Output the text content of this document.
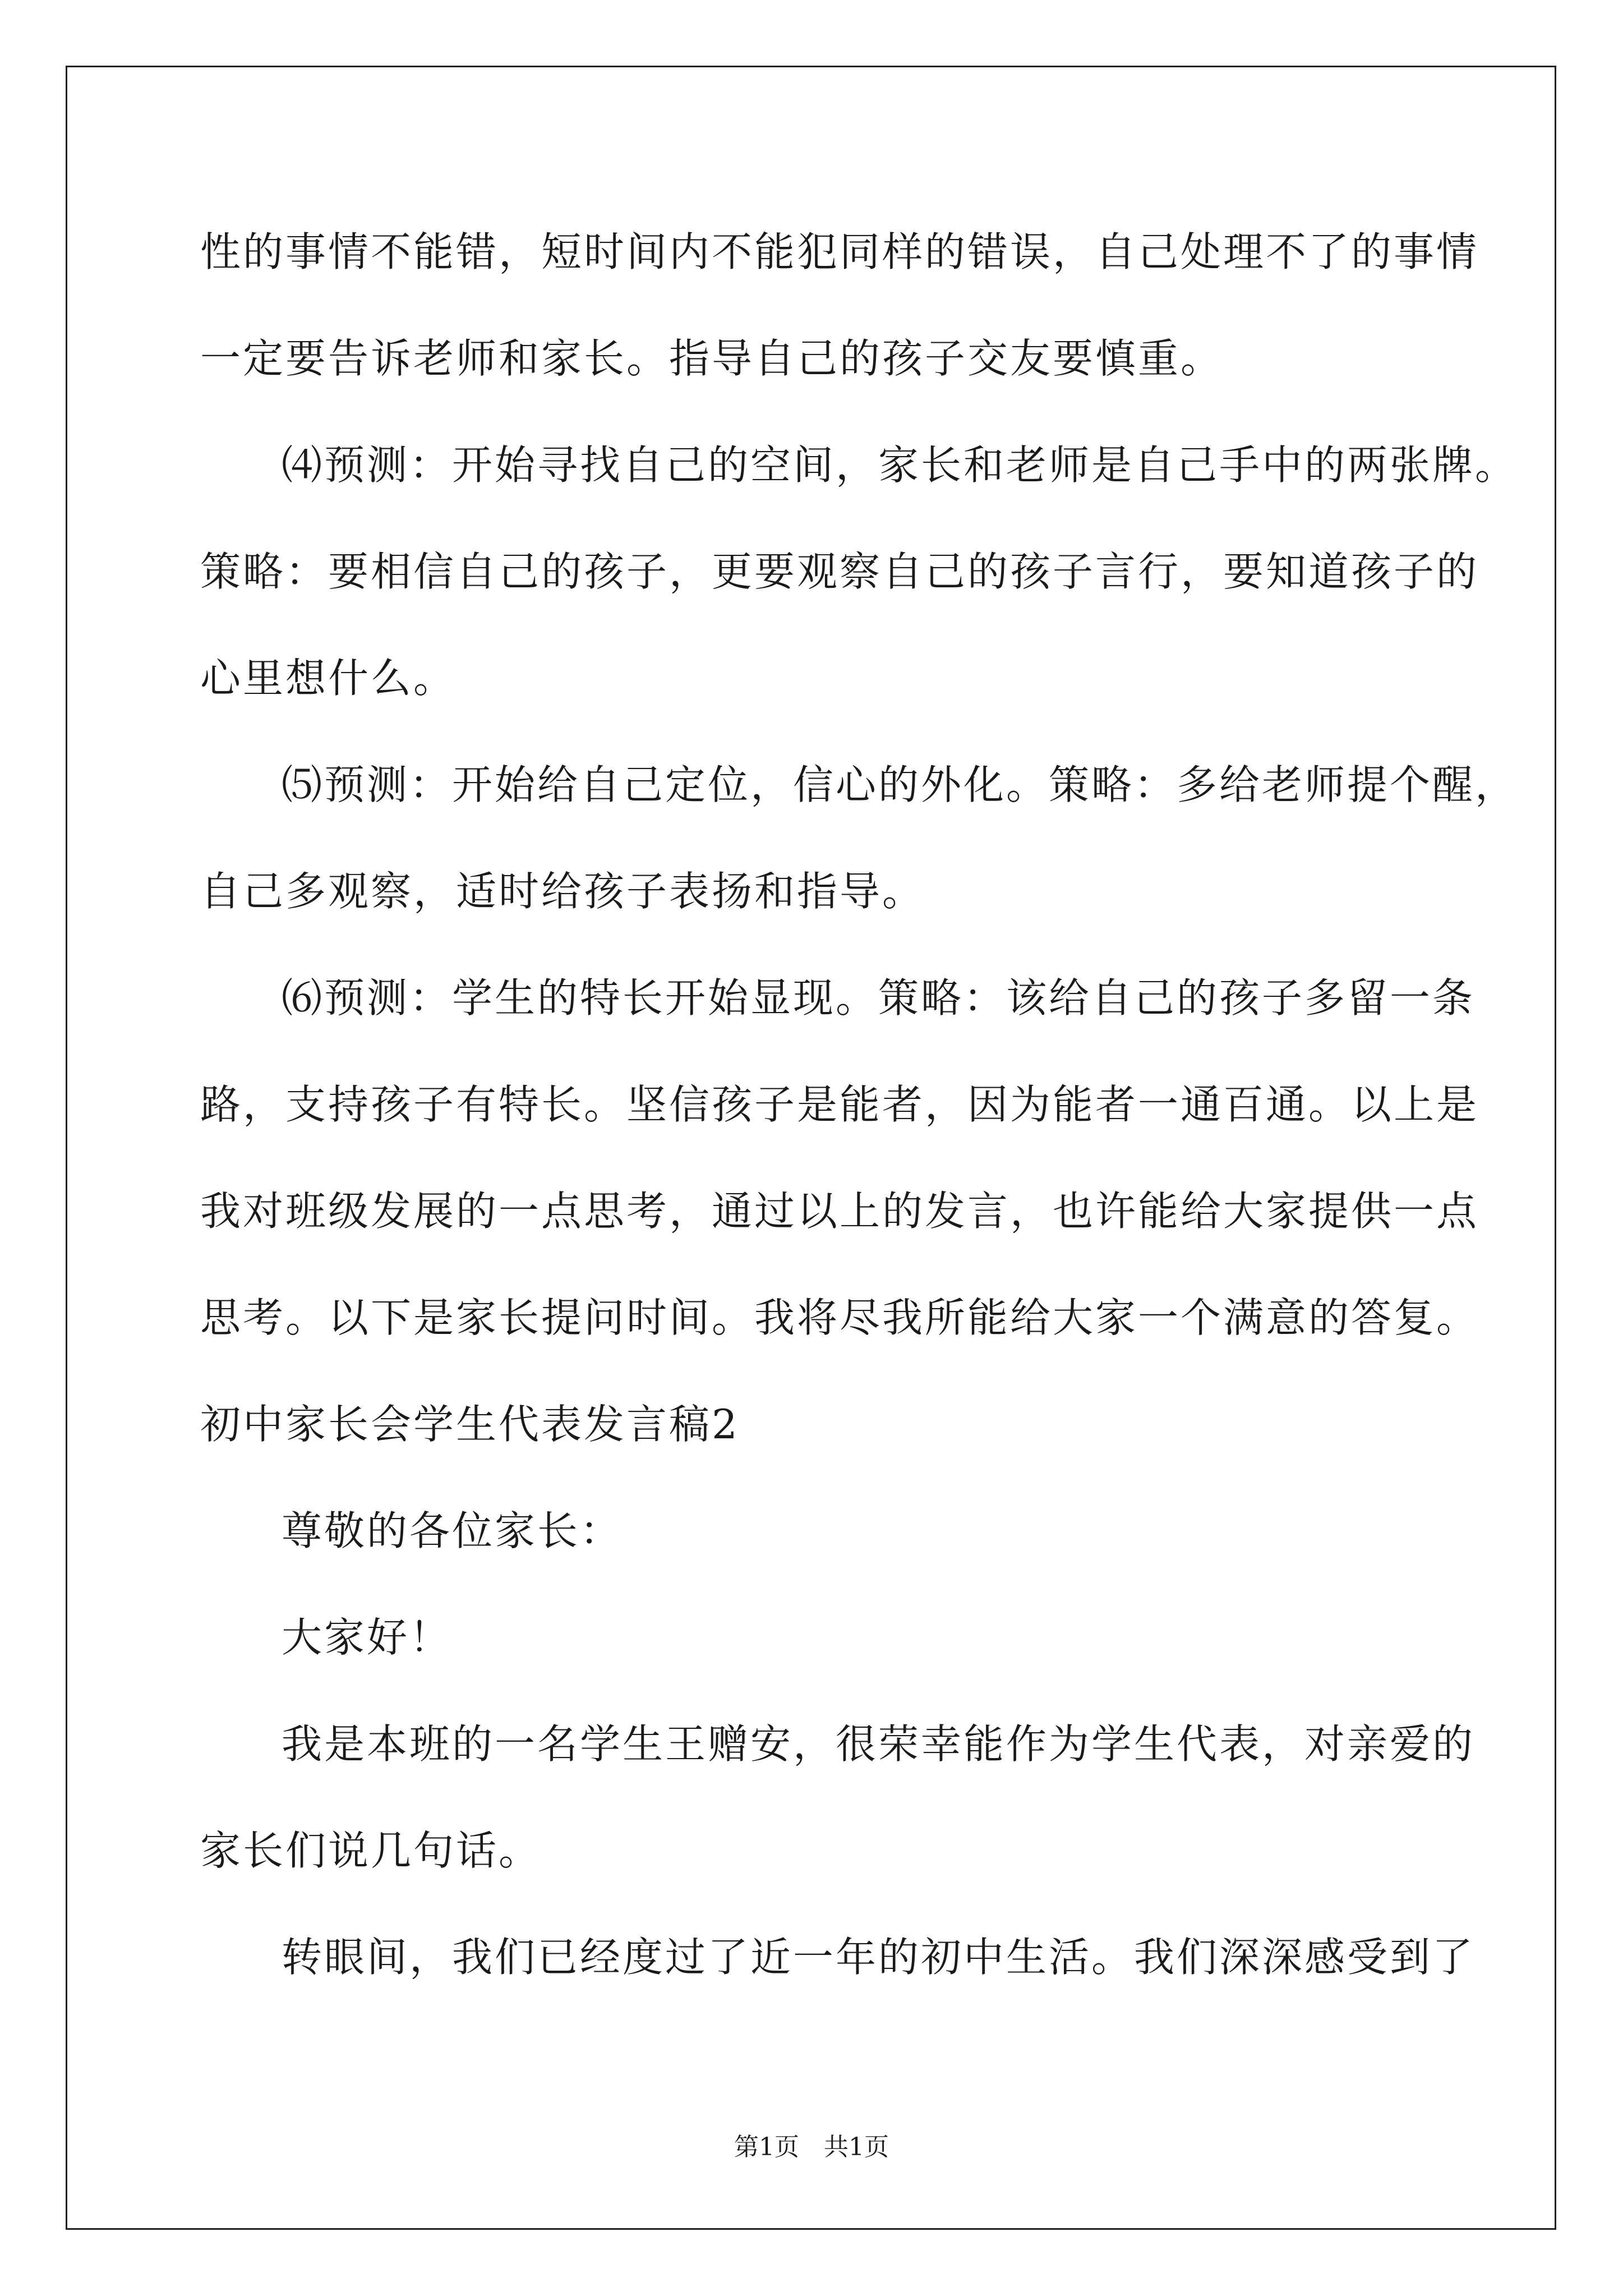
性的事情不能错，短时间内不能犯同样的错误，自己处理不了的事情
一定要告诉老师和家长。指导自己的孩子交友要慎重。
⑷预测：开始寻找自己的空间，家长和老师是自己手中的两张牌。
策略：要相信自己的孩子，更要观察自己的孩子言行，要知道孩子的
心里想什么。
⑸预测：开始给自己定位，信心的外化。策略：多给老师提个醒，
自己多观察，适时给孩子表扬和指导。
⑹预测：学生的特长开始显现。策略：该给自己的孩子多留一条
路，支持孩子有特长。坚信孩子是能者，因为能者一通百通。以上是
我对班级发展的一点思考，通过以上的发言，也许能给大家提供一点
思考。以下是家长提问时间。我将尽我所能给大家一个满意的答复。
初中家长会学生代表发言稿2
尊敬的各位家长：
大家好！
我是本班的一名学生王赠安，很荣幸能作为学生代表，对亲爱的
家长们说几句话。
转眼间，我们已经度过了近一年的初中生活。我们深深感受到了
第1页　共1页
